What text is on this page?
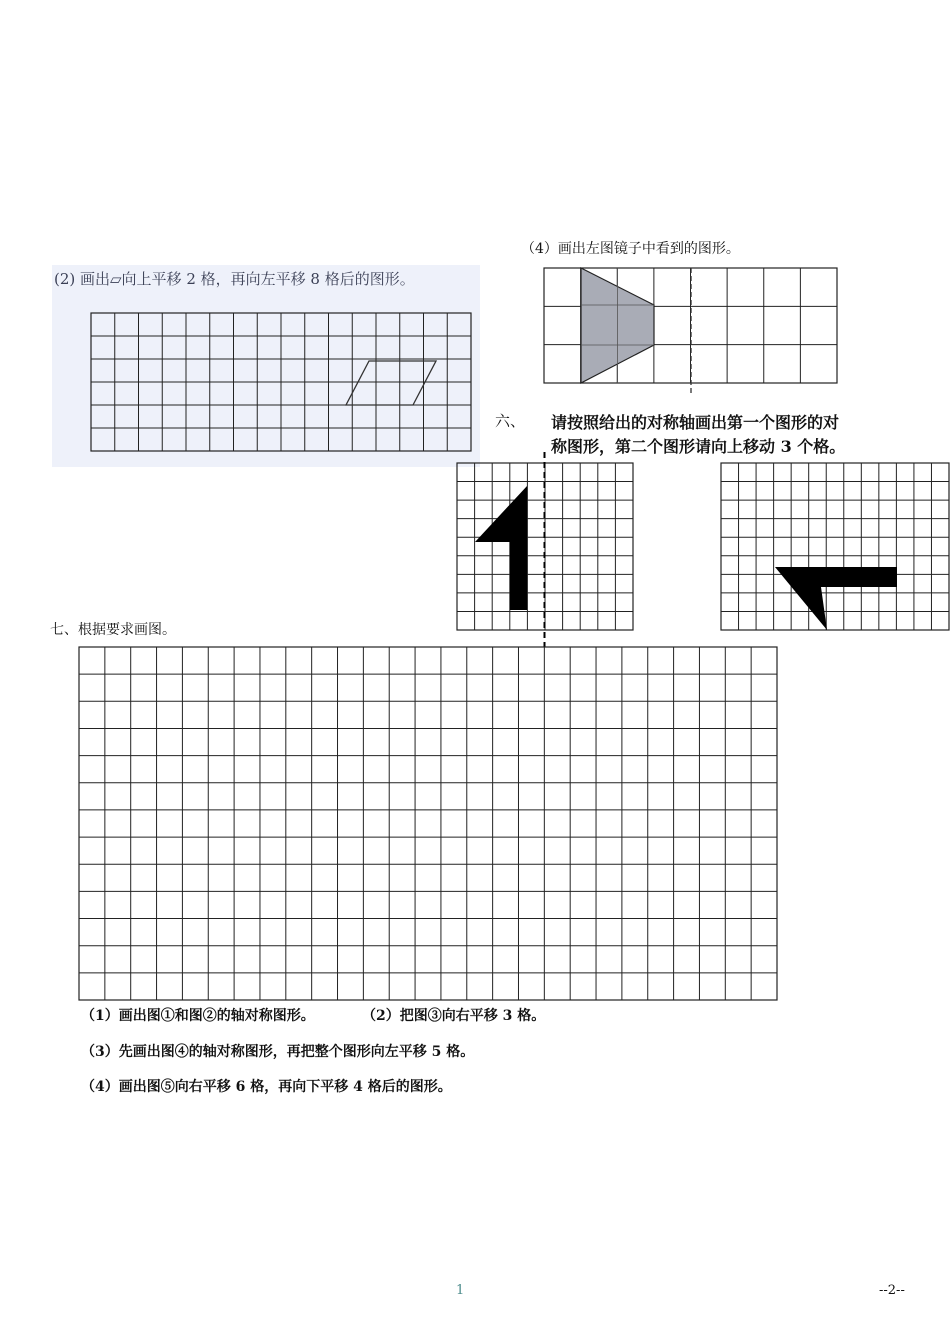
(2) 画出▱向上平移 2 格，再向左平移 8 格后的图形。
（4）画出左图镜子中看到的图形。
六、 请按照给出的对称轴画出第一个图形的对
称图形，第二个图形请向上移动 3 个格。
七、根据要求画图。
（1）画出图①和图②的轴对称图形。	（2）把图③向右平移 3 格。
（3）先画出图④的轴对称图形，再把整个图形向左平移 5 格。
（4）画出图⑤向右平移 6 格，再向下平移 4 格后的图形。
1	--2--
